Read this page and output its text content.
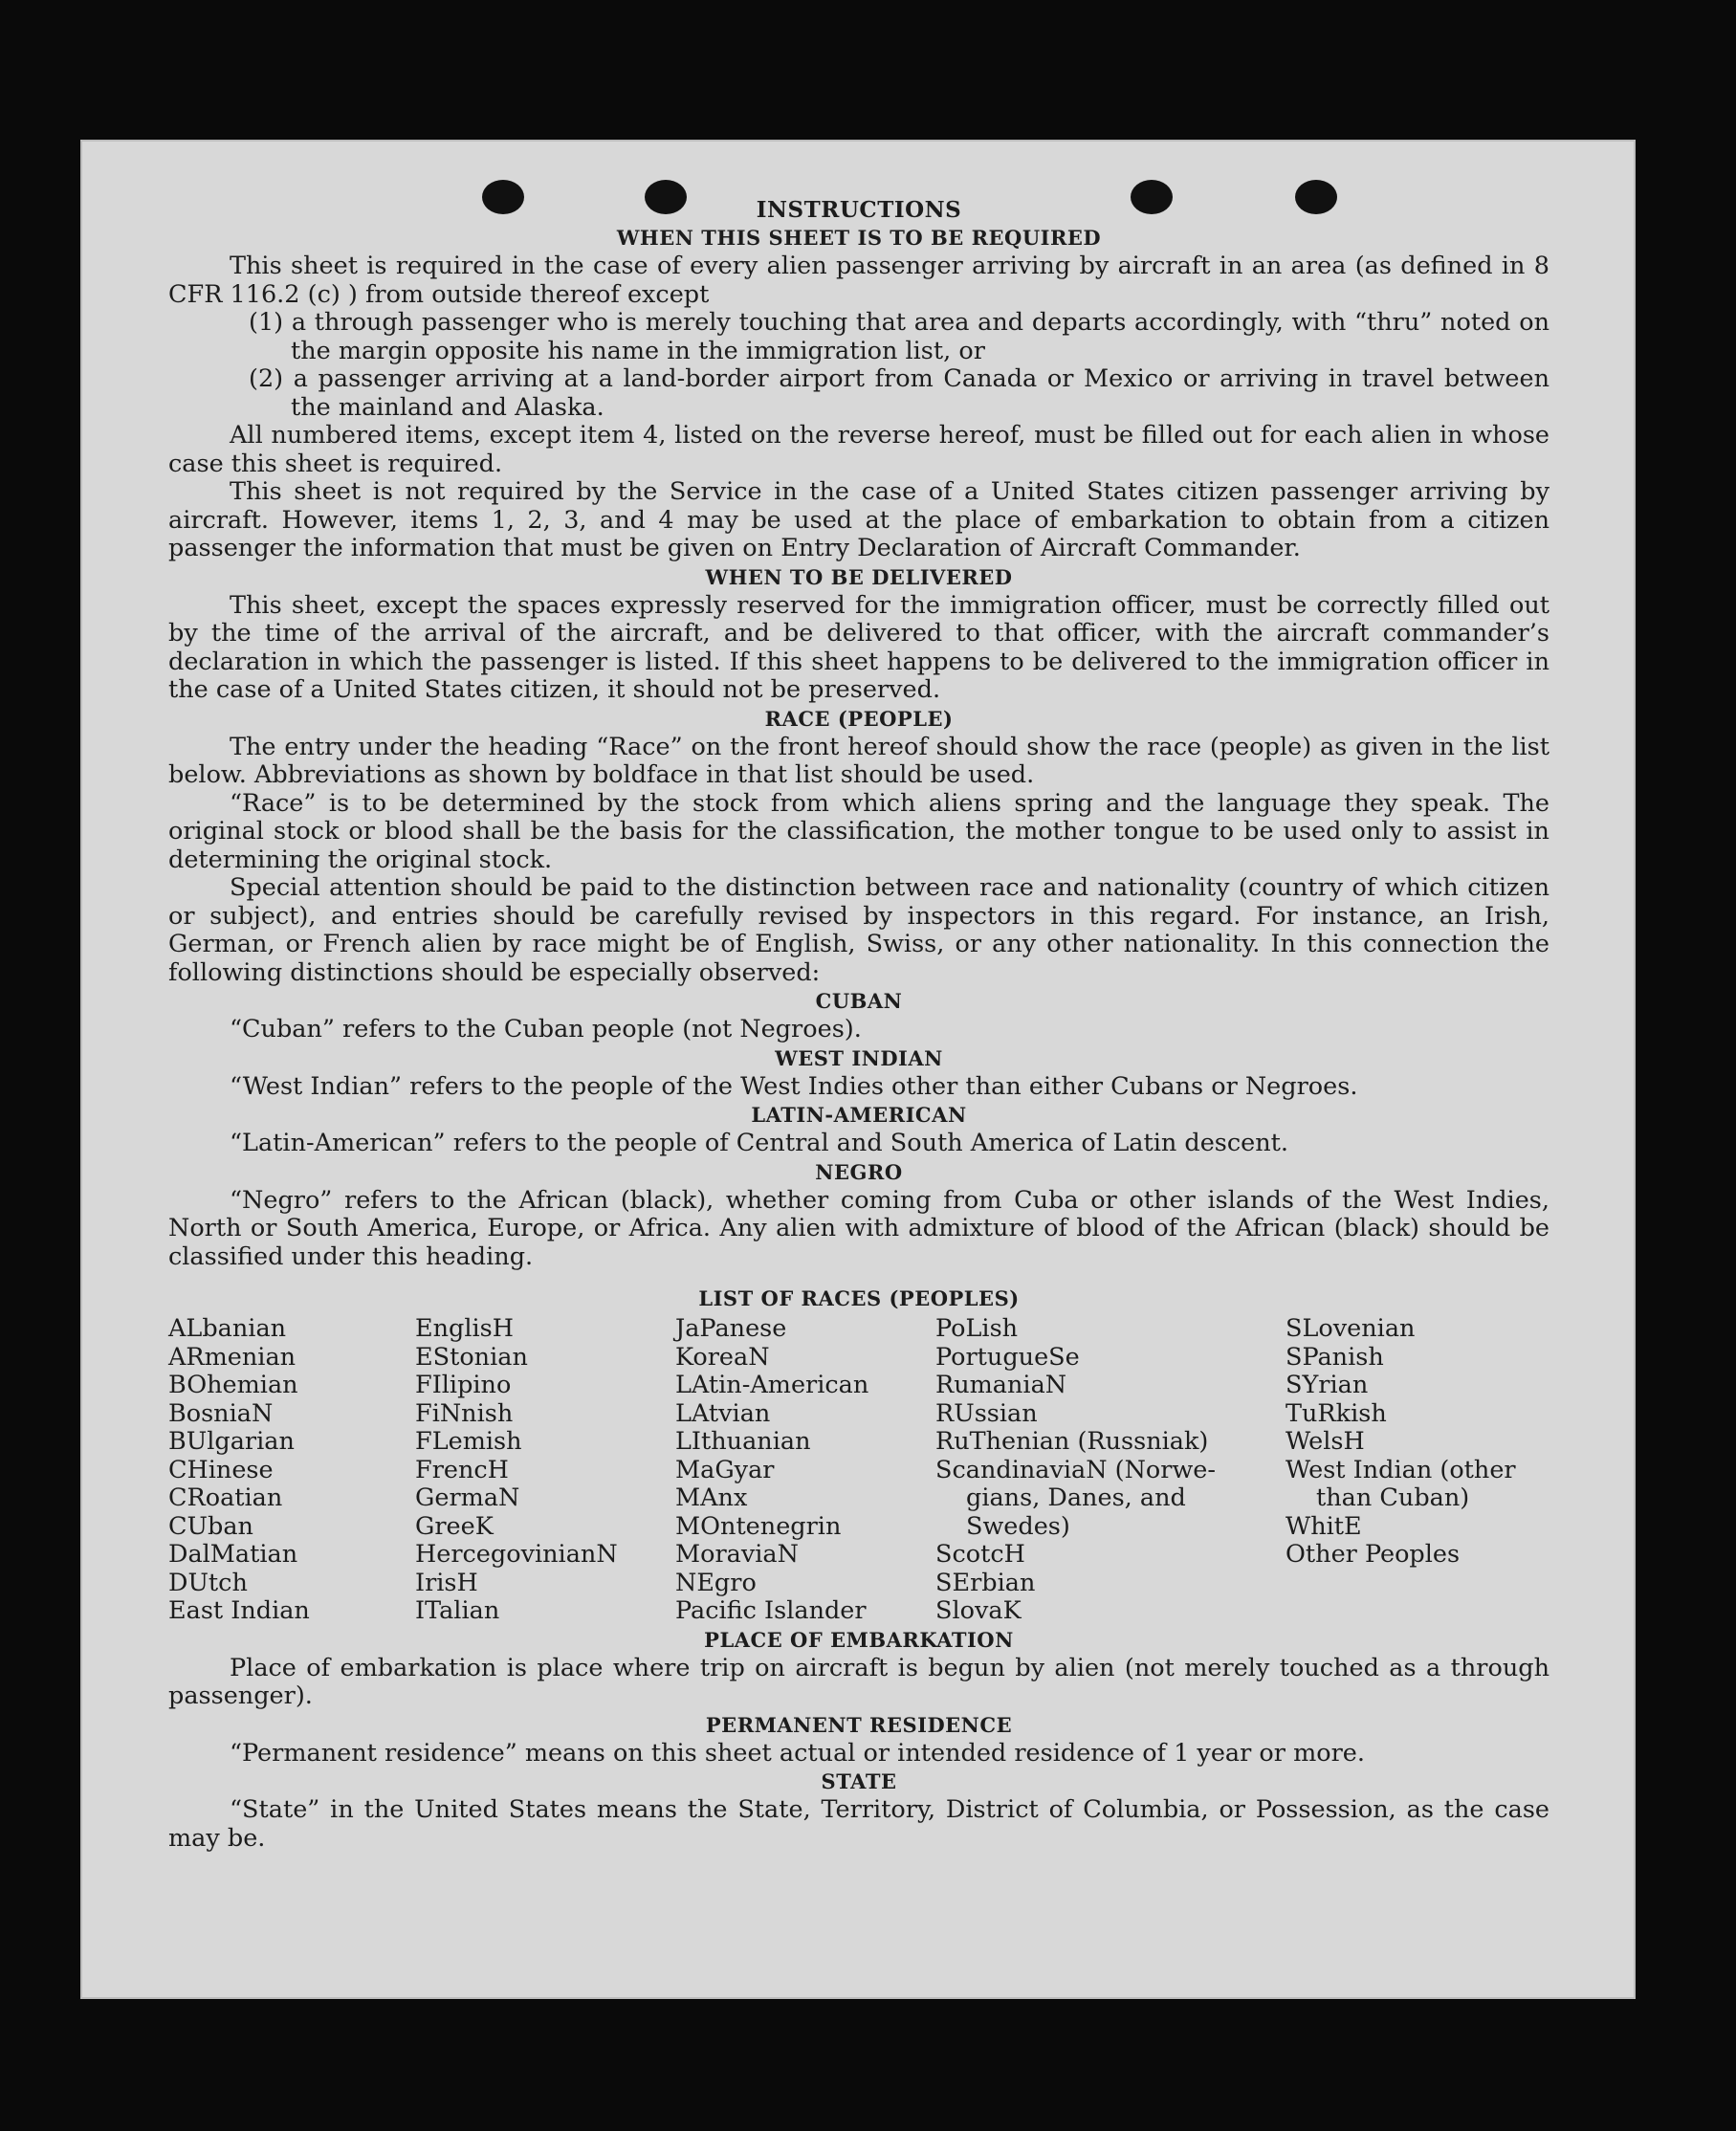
INSTRUCTIONS
WHEN THIS SHEET IS TO BE REQUIRED

This sheet is required in the case of every alien passenger arriving by aircraft in an area (as defined in 8 CFR 116.2 (c) ) from outside thereof except

(1) a through passenger who is merely touching that area and departs accordingly, with “thru” noted on the margin opposite his name in the immigration list, or

(2) a passenger arriving at a land-border airport from Canada or Mexico or arriving in travel between the mainland and Alaska.

All numbered items, except item 4, listed on the reverse hereof, must be filled out for each alien in whose case this sheet is required.

This sheet is not required by the Service in the case of a United States citizen passenger arriving by aircraft. However, items 1, 2, 3, and 4 may be used at the place of embarkation to obtain from a citizen passenger the information that must be given on Entry Declaration of Aircraft Commander.

WHEN TO BE DELIVERED

This sheet, except the spaces expressly reserved for the immigration officer, must be correctly filled out by the time of the arrival of the aircraft, and be delivered to that officer, with the aircraft commander’s declaration in which the passenger is listed. If this sheet happens to be delivered to the immigration officer in the case of a United States citizen, it should not be preserved.

RACE (PEOPLE)

The entry under the heading “Race” on the front hereof should show the race (people) as given in the list below. Abbreviations as shown by boldface in that list should be used.

“Race” is to be determined by the stock from which aliens spring and the language they speak. The original stock or blood shall be the basis for the classification, the mother tongue to be used only to assist in determining the original stock.

Special attention should be paid to the distinction between race and nationality (country of which citizen or subject), and entries should be carefully revised by inspectors in this regard. For instance, an Irish, German, or French alien by race might be of English, Swiss, or any other nationality. In this connection the following distinctions should be especially observed:

CUBAN

“Cuban” refers to the Cuban people (not Negroes).

WEST INDIAN

“West Indian” refers to the people of the West Indies other than either Cubans or Negroes.

LATIN-AMERICAN

“Latin-American” refers to the people of Central and South America of Latin descent.

NEGRO

“Negro” refers to the African (black), whether coming from Cuba or other islands of the West Indies, North or South America, Europe, or Africa. Any alien with admixture of blood of the African (black) should be classified under this heading.

LIST OF RACES (PEOPLES)
ALbanian
ARmenian
BOhemian
BosniaN
BUlgarian
CHinese
CRoatian
CUban
DalMatian
DUtch
East Indian
EnglisH
EStonian
FIlipino
FiNnish
FLemish
FrencH
GermaN
GreeK
HercegovinianN
IrisH
ITalian
JaPanese
KoreaN
LAtin-American
LAtvian
LIthuanian
MaGyar
MAnx
MOntenegrin
MoraviaN
NEgro
Pacific Islander
PoLish
PortugueSe
RumaniaN
RUssian
RuThenian (Russniak)
ScandinaviaN (Norwe-
gians, Danes, and
Swedes)
ScotcH
SErbian
SlovaK
SLovenian
SPanish
SYrian
TuRkish
WelsH
West Indian (other
than Cuban)
WhitE
Other Peoples
PLACE OF EMBARKATION

Place of embarkation is place where trip on aircraft is begun by alien (not merely touched as a through passenger).

PERMANENT RESIDENCE

“Permanent residence” means on this sheet actual or intended residence of 1 year or more.

STATE

“State” in the United States means the State, Territory, District of Columbia, or Possession, as the case may be.
